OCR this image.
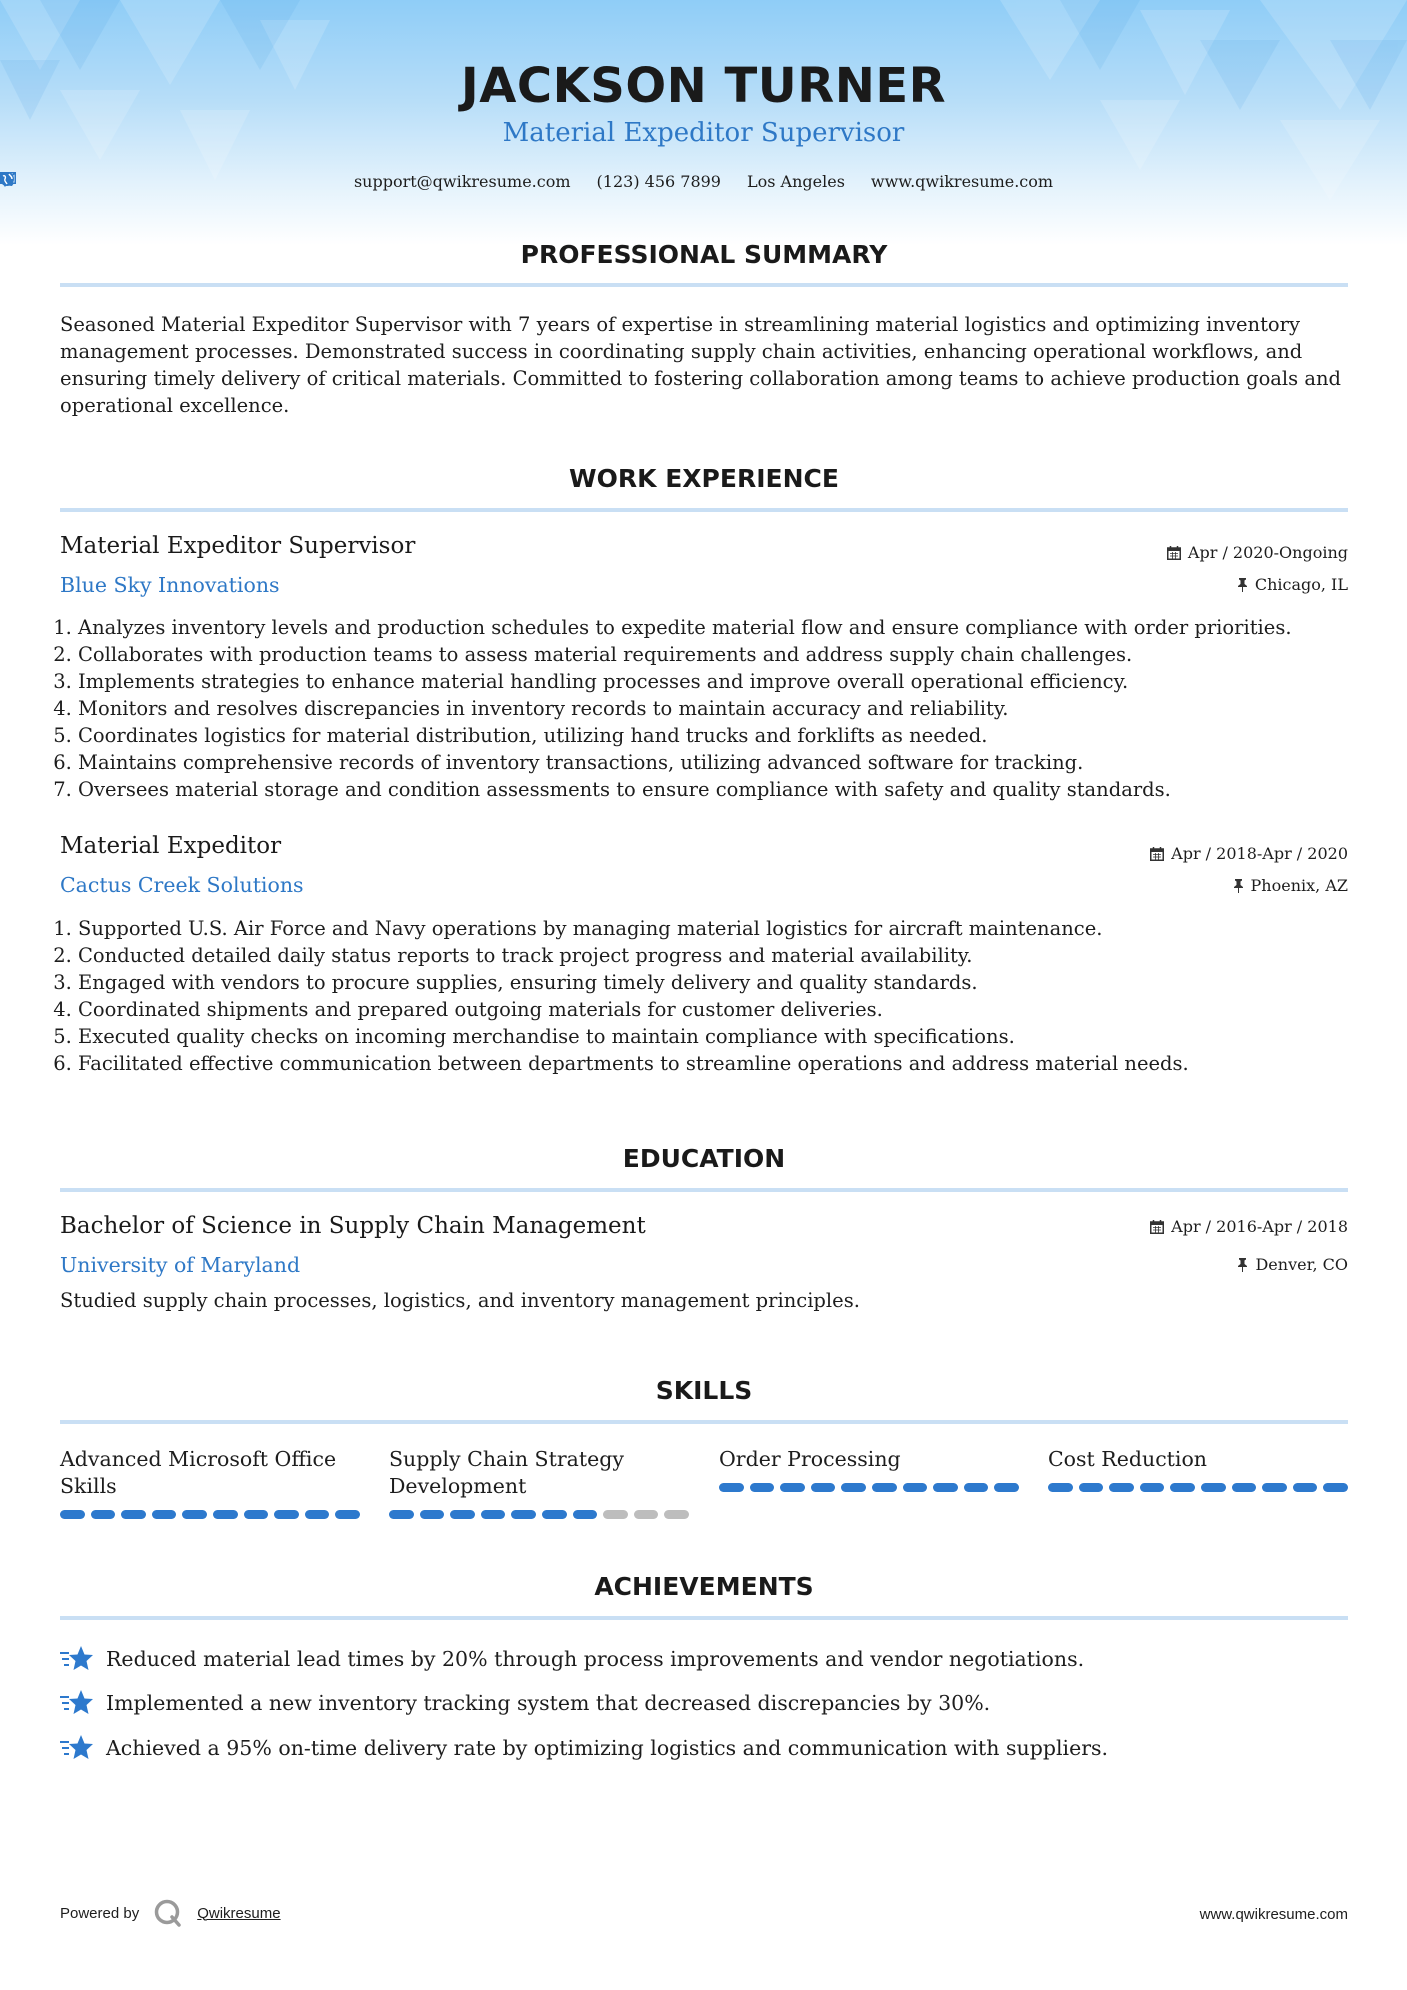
JACKSON TURNER
Material Expeditor Supervisor
support@qwikresume.com (123) 456 7899 Los Angeles www.qwikresume.com
PROFESSIONAL SUMMARY

Seasoned Material Expeditor Supervisor with 7 years of expertise in streamlining material logistics and optimizing inventory management processes. Demonstrated success in coordinating supply chain activities, enhancing operational workflows, and ensuring timely delivery of critical materials. Committed to fostering collaboration among teams to achieve production goals and operational excellence.

WORK EXPERIENCE
Material Expeditor Supervisor
Blue Sky Innovations
Apr / 2020-Ongoing
Chicago, IL
1. Analyzes inventory levels and production schedules to expedite material flow and ensure compliance with order priorities.
2. Collaborates with production teams to assess material requirements and address supply chain challenges.
3. Implements strategies to enhance material handling processes and improve overall operational efficiency.
4. Monitors and resolves discrepancies in inventory records to maintain accuracy and reliability.
5. Coordinates logistics for material distribution, utilizing hand trucks and forklifts as needed.
6. Maintains comprehensive records of inventory transactions, utilizing advanced software for tracking.
7. Oversees material storage and condition assessments to ensure compliance with safety and quality standards.
Material Expeditor
Cactus Creek Solutions
Apr / 2018-Apr / 2020
Phoenix, AZ
1. Supported U.S. Air Force and Navy operations by managing material logistics for aircraft maintenance.
2. Conducted detailed daily status reports to track project progress and material availability.
3. Engaged with vendors to procure supplies, ensuring timely delivery and quality standards.
4. Coordinated shipments and prepared outgoing materials for customer deliveries.
5. Executed quality checks on incoming merchandise to maintain compliance with specifications.
6. Facilitated effective communication between departments to streamline operations and address material needs.
EDUCATION
Bachelor of Science in Supply Chain Management
University of Maryland
Apr / 2016-Apr / 2018
Denver, CO
Studied supply chain processes, logistics, and inventory management principles.
SKILLS
Advanced Microsoft Office Skills
Supply Chain Strategy Development
Order Processing	Cost Reduction
ACHIEVEMENTS
Reduced material lead times by 20% through process improvements and vendor negotiations.
Implemented a new inventory tracking system that decreased discrepancies by 30%.
Achieved a 95% on-time delivery rate by optimizing logistics and communication with suppliers.
Powered by	Qwikresume	www.qwikresume.com
